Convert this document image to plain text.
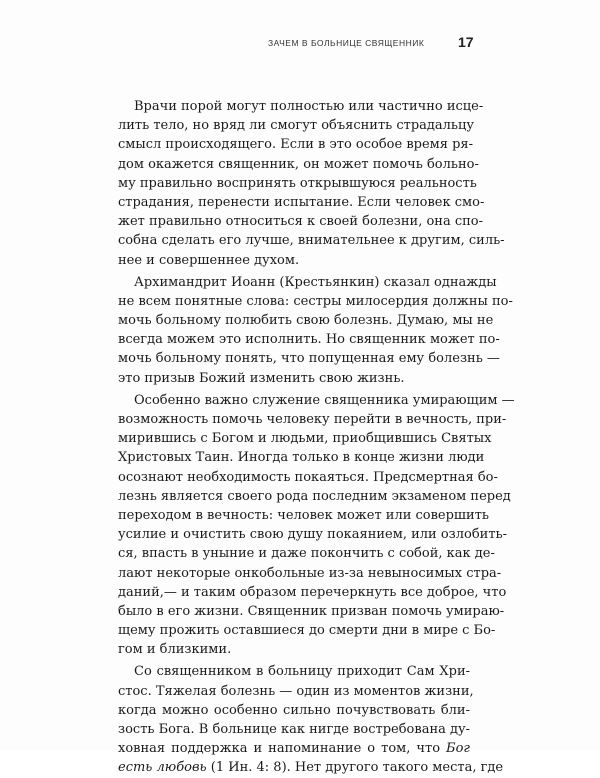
ЗАЧЕМ В БОЛЬНИЦЕ СВЯЩЕННИК 17
Врачи порой могут полностью или частично исце-
лить тело, но вряд ли смогут объяснить страдальцу
смысл происходящего. Если в это особое время ря-
дом окажется священник, он может помочь больно-
му правильно воспринять открывшуюся реальность
страдания, перенести испытание. Если человек смо-
жет правильно относиться к своей болезни, она спо-
собна сделать его лучше, внимательнее к другим, силь-
нее и совершеннее духом.
Архимандрит Иоанн (Крестьянкин) сказал однажды
не всем понятные слова: сестры милосердия должны по-
мочь больному полюбить свою болезнь. Думаю, мы не
всегда можем это исполнить. Но священник может по-
мочь больному понять, что попущенная ему болезнь —
это призыв Божий изменить свою жизнь.
Особенно важно служение священника умирающим —
возможность помочь человеку перейти в вечность, при-
мирившись с Богом и людьми, приобщившись Святых
Христовых Таин. Иногда только в конце жизни люди
осознают необходимость покаяться. Предсмертная бо-
лезнь является своего рода последним экзаменом перед
переходом в вечность: человек может или совершить
усилие и очистить свою душу покаянием, или озлобить-
ся, впасть в уныние и даже покончить с собой, как де-
лают некоторые онкобольные из-за невыносимых стра-
даний,— и таким образом перечеркнуть все доброе, что
было в его жизни. Священник призван помочь умираю-
щему прожить оставшиеся до смерти дни в мире с Бо-
гом и близкими.
Со священником в больницу приходит Сам Хри-
стос. Тяжелая болезнь — один из моментов жизни,
когда можно особенно сильно почувствовать бли-
зость Бога. В больнице как нигде востребована ду-
ховная поддержка и напоминание о том, что Бог
есть любовь (1 Ин. 4: 8). Нет другого такого места, где
